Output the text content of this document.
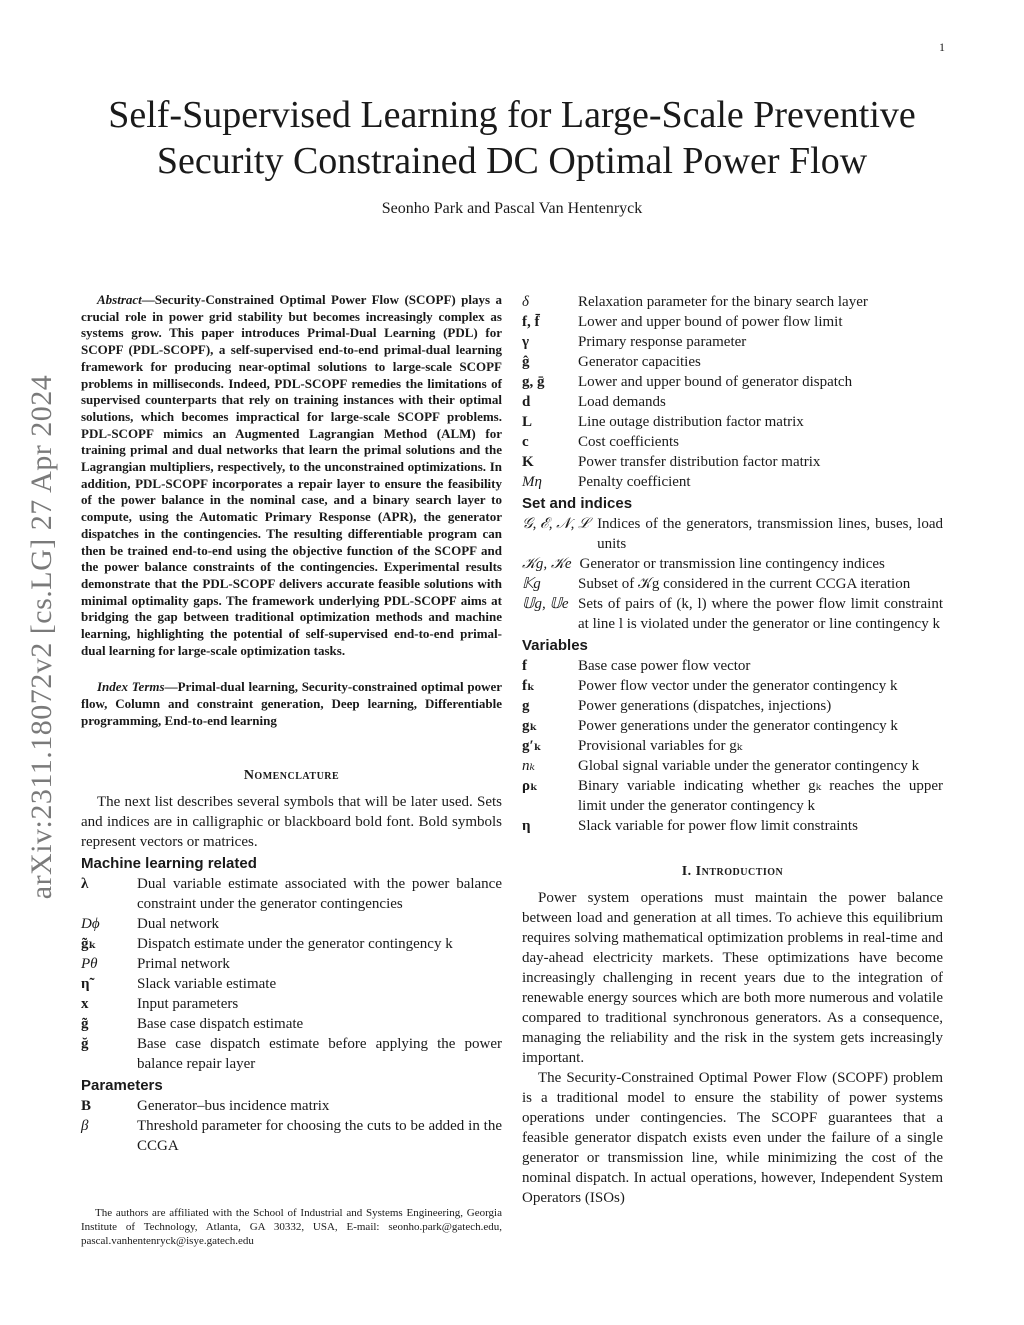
1
arXiv:2311.18072v2 [cs.LG] 27 Apr 2024
Self-Supervised Learning for Large-Scale Preventive
Security Constrained DC Optimal Power Flow
Seonho Park and Pascal Van Hentenryck

Abstract—Security-Constrained Optimal Power Flow (SCOPF) plays a crucial role in power grid stability but becomes increasingly complex as systems grow. This paper introduces Primal-Dual Learning (PDL) for SCOPF (PDL-SCOPF), a self-supervised end-to-end primal-dual learning framework for producing near-optimal solutions to large-scale SCOPF problems in milliseconds. Indeed, PDL-SCOPF remedies the limitations of supervised counterparts that rely on training instances with their optimal solutions, which becomes impractical for large-scale SCOPF problems. PDL-SCOPF mimics an Augmented Lagrangian Method (ALM) for training primal and dual networks that learn the primal solutions and the Lagrangian multipliers, respectively, to the unconstrained optimizations. In addition, PDL-SCOPF incorporates a repair layer to ensure the feasibility of the power balance in the nominal case, and a binary search layer to compute, using the Automatic Primary Response (APR), the generator dispatches in the contingencies. The resulting differentiable program can then be trained end-to-end using the objective function of the SCOPF and the power balance constraints of the contingencies. Experimental results demonstrate that the PDL-SCOPF delivers accurate feasible solutions with minimal optimality gaps. The framework underlying PDL-SCOPF aims at bridging the gap between traditional optimization methods and machine learning, highlighting the potential of self-supervised end-to-end primal-dual learning for large-scale optimization tasks.

Index Terms—Primal-dual learning, Security-constrained optimal power flow, Column and constraint generation, Deep learning, Differentiable programming, End-to-end learning

Nomenclature

The next list describes several symbols that will be later used. Sets and indices are in calligraphic or blackboard bold font. Bold symbols represent vectors or matrices.

Machine learning related
λ	Dual variable estimate associated with the power balance constraint under the generator contingencies
Dϕ	Dual network
g̃ₖ	Dispatch estimate under the generator contingency k
Pθ	Primal network
η̃	Slack variable estimate
x	Input parameters
g̃	Base case dispatch estimate
ğ	Base case dispatch estimate before applying the power balance repair layer
Parameters
B	Generator–bus incidence matrix
β	Threshold parameter for choosing the cuts to be added in the CCGA

The authors are affiliated with the School of Industrial and Systems Engineering, Georgia Institute of Technology, Atlanta, GA 30332, USA, E-mail: seonho.park@gatech.edu, pascal.vanhentenryck@isye.gatech.edu

δ	Relaxation parameter for the binary search layer
f, f̄	Lower and upper bound of power flow limit
γ	Primary response parameter
ĝ	Generator capacities
g, ḡ	Lower and upper bound of generator dispatch
d	Load demands
L	Line outage distribution factor matrix
c	Cost coefficients
K	Power transfer distribution factor matrix
Mη	Penalty coefficient
Set and indices
𝒢, ℰ, 𝒩, ℒ Indices of the generators, transmission lines, buses, load units
𝒦g, 𝒦e Generator or transmission line contingency indices
𝕂g	Subset of 𝒦g considered in the current CCGA iteration
𝕌g, 𝕌e Sets of pairs of (k, l) where the power flow limit constraint at line l is violated under the generator or line contingency k
Variables
f	Base case power flow vector
fₖ	Power flow vector under the generator contingency k
g	Power generations (dispatches, injections)
gₖ	Power generations under the generator contingency k
g′ₖ	Provisional variables for gₖ
nₖ	Global signal variable under the generator contingency k
ρₖ	Binary variable indicating whether gₖ reaches the upper limit under the generator contingency k
η	Slack variable for power flow limit constraints
I. Introduction

Power system operations must maintain the power balance between load and generation at all times. To achieve this equilibrium requires solving mathematical optimization problems in real-time and day-ahead electricity markets. These optimizations have become increasingly challenging in recent years due to the integration of renewable energy sources which are both more numerous and volatile compared to traditional synchronous generators. As a consequence, managing the reliability and the risk in the system gets increasingly important.

The Security-Constrained Optimal Power Flow (SCOPF) problem is a traditional model to ensure the stability of power systems operations under contingencies. The SCOPF guarantees that a feasible generator dispatch exists even under the failure of a single generator or transmission line, while minimizing the cost of the nominal dispatch. In actual operations, however, Independent System Operators (ISOs)
